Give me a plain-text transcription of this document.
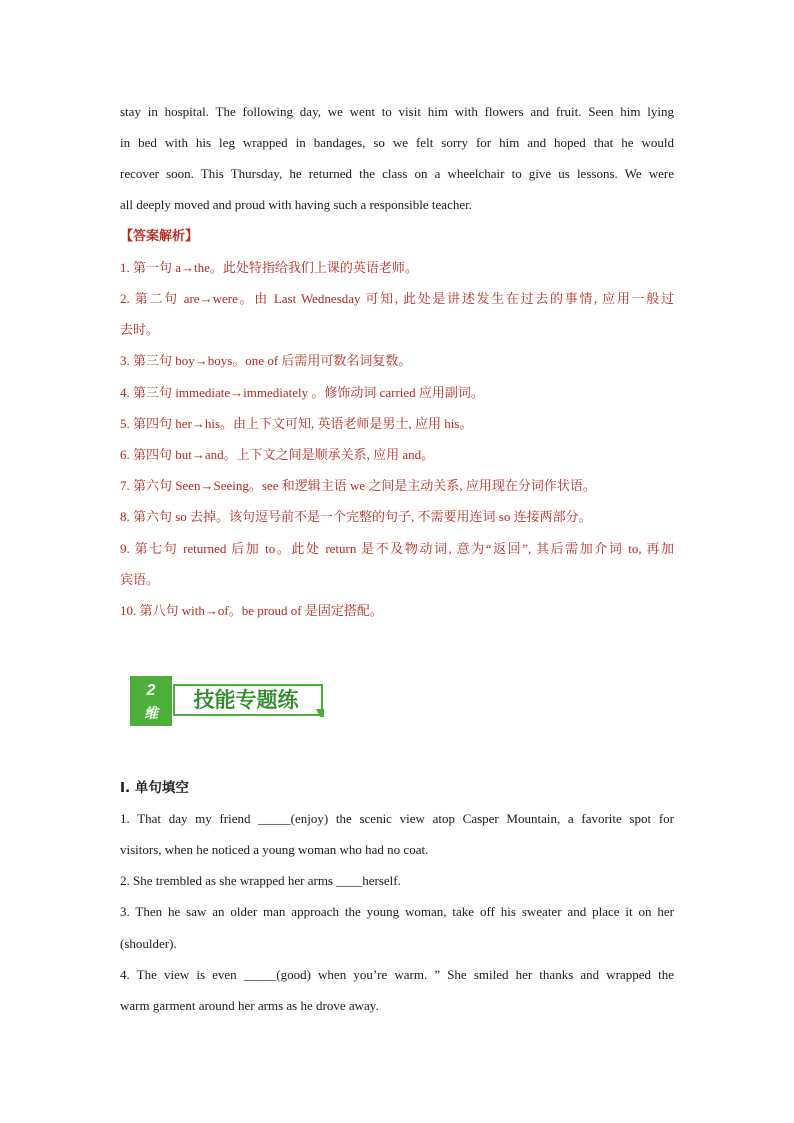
stay in hospital. The following day, we went to visit him with flowers and fruit. Seen him lying
in bed with his leg wrapped in bandages, so we felt sorry for him and hoped that he would
recover soon. This Thursday, he returned the class on a wheelchair to give us lessons. We were
all deeply moved and proud with having such a responsible teacher.
【答案解析】
1. 第一句 a→the。此处特指给我们上课的英语老师。
2. 第二句 are→were。由 Last Wednesday 可知, 此处是讲述发生在过去的事情, 应用一般过
去时。
3. 第三句 boy→boys。one of 后需用可数名词复数。
4. 第三句 immediate→immediately 。修饰动词 carried 应用副词。
5. 第四句 her→his。由上下文可知, 英语老师是男士, 应用 his。
6. 第四句 but→and。上下文之间是顺承关系, 应用 and。
7. 第六句 Seen→Seeing。see 和逻辑主语 we 之间是主动关系, 应用现在分词作状语。
8. 第六句 so 去掉。该句逗号前不是一个完整的句子, 不需要用连词 so 连接两部分。
9. 第七句 returned 后加 to。此处 return 是不及物动词, 意为“返回”, 其后需加介词 to, 再加
宾语。
10. 第八句 with→of。be proud of 是固定搭配。
2
维
技能专题练
I. 单句填空
1. That day my friend _____(enjoy) the scenic view atop Casper Mountain, a favorite spot for
visitors, when he noticed a young woman who had no coat.
2. She trembled as she wrapped her arms ____herself.
3. Then he saw an older man approach the young woman, take off his sweater and place it on her
(shoulder).
4. The view is even _____(good) when you’re warm. ” She smiled her thanks and wrapped the
warm garment around her arms as he drove away.
